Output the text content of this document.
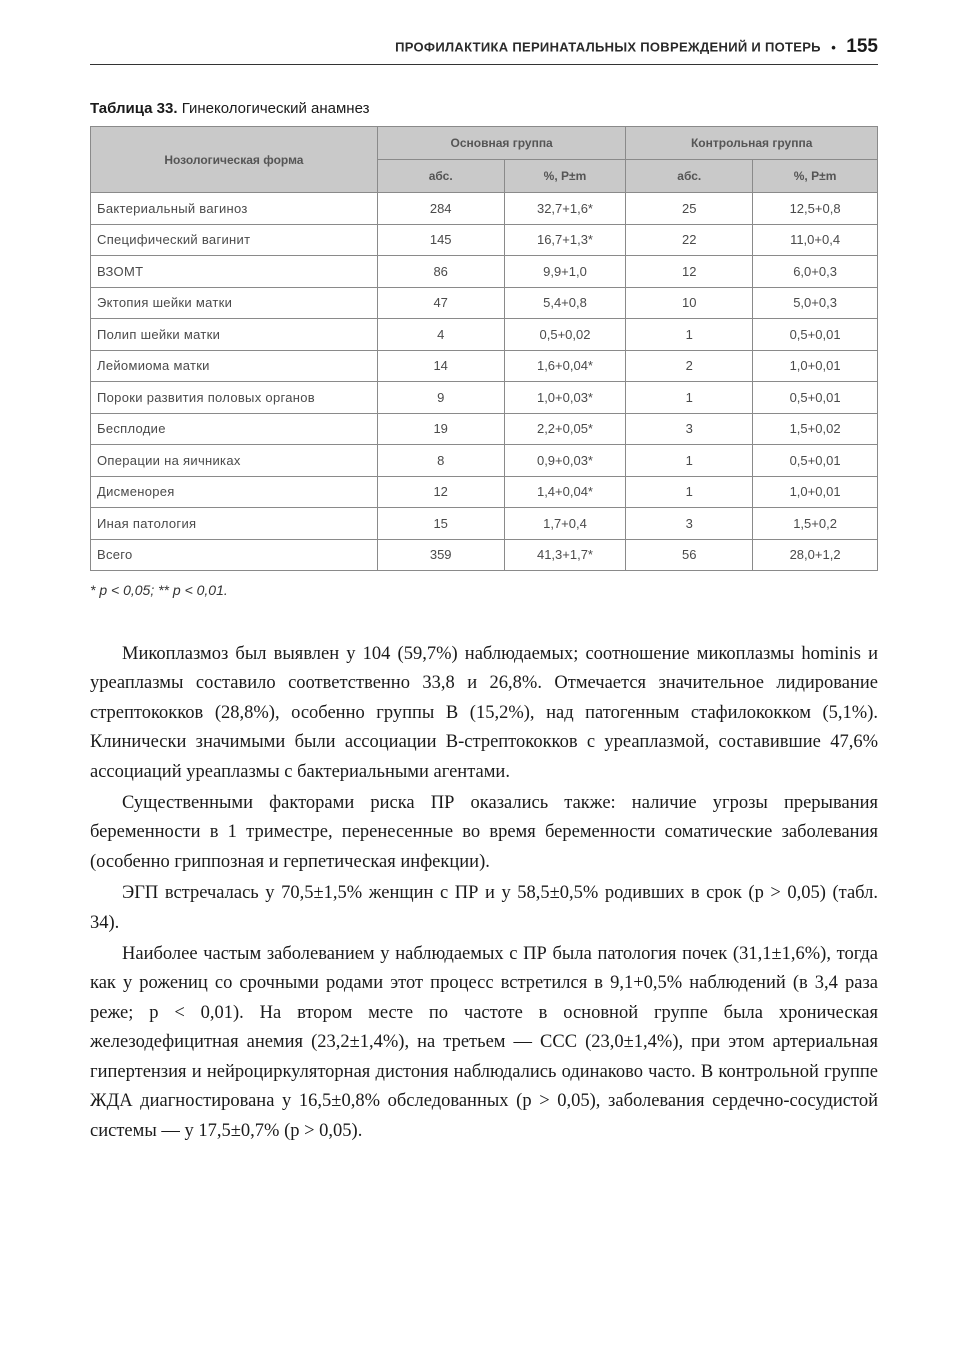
ПРОФИЛАКТИКА ПЕРИНАТАЛЬНЫХ ПОВРЕЖДЕНИЙ И ПОТЕРЬ • 155
Таблица 33. Гинекологический анамнез
Нозологическая форма	Основная группа		Контрольная группа	
	абс.	%, P±m	абс.	%, P±m
Бактериальный вагиноз	284	32,7+1,6*	25	12,5+0,8
Специфический вагинит	145	16,7+1,3*	22	11,0+0,4
ВЗОМТ	86	9,9+1,0	12	6,0+0,3
Эктопия шейки матки	47	5,4+0,8	10	5,0+0,3
Полип шейки матки	4	0,5+0,02	1	0,5+0,01
Лейомиома матки	14	1,6+0,04*	2	1,0+0,01
Пороки развития половых органов	9	1,0+0,03*	1	0,5+0,01
Бесплодие	19	2,2+0,05*	3	1,5+0,02
Операции на яичниках	8	0,9+0,03*	1	0,5+0,01
Дисменорея	12	1,4+0,04*	1	1,0+0,01
Иная патология	15	1,7+0,4	3	1,5+0,2
Всего	359	41,3+1,7*	56	28,0+1,2
* p < 0,05; ** p < 0,01.

Микоплазмоз был выявлен у 104 (59,7%) наблюдаемых; соотношение микоплазмы hominis и уреаплазмы составило соответственно 33,8 и 26,8%. Отмечается значительное лидирование стрептококков (28,8%), особенно группы В (15,2%), над патогенным стафилококком (5,1%). Клинически значимыми были ассоциации В-стрептококков с уреаплазмой, составившие 47,6% ассоциаций уреаплазмы с бактериальными агентами.

Существенными факторами риска ПР оказались также: наличие угрозы прерывания беременности в 1 триместре, перенесенные во время беременности соматические заболевания (особенно гриппозная и герпетическая инфекции).

ЭГП встречалась у 70,5±1,5% женщин с ПР и у 58,5±0,5% родивших в срок (p > 0,05) (табл. 34).

Наиболее частым заболеванием у наблюдаемых с ПР была патология почек (31,1±1,6%), тогда как у рожениц со срочными родами этот процесс встретился в 9,1+0,5% наблюдений (в 3,4 раза реже; p < 0,01). На втором месте по частоте в основной группе была хроническая железодефицитная анемия (23,2±1,4%), на третьем — ССС (23,0±1,4%), при этом артериальная гипертензия и нейроциркуляторная дистония наблюдались одинаково часто. В контрольной группе ЖДА диагностирована у 16,5±0,8% обследованных (p > 0,05), заболевания сердечно-сосудистой системы — у 17,5±0,7% (p > 0,05).
